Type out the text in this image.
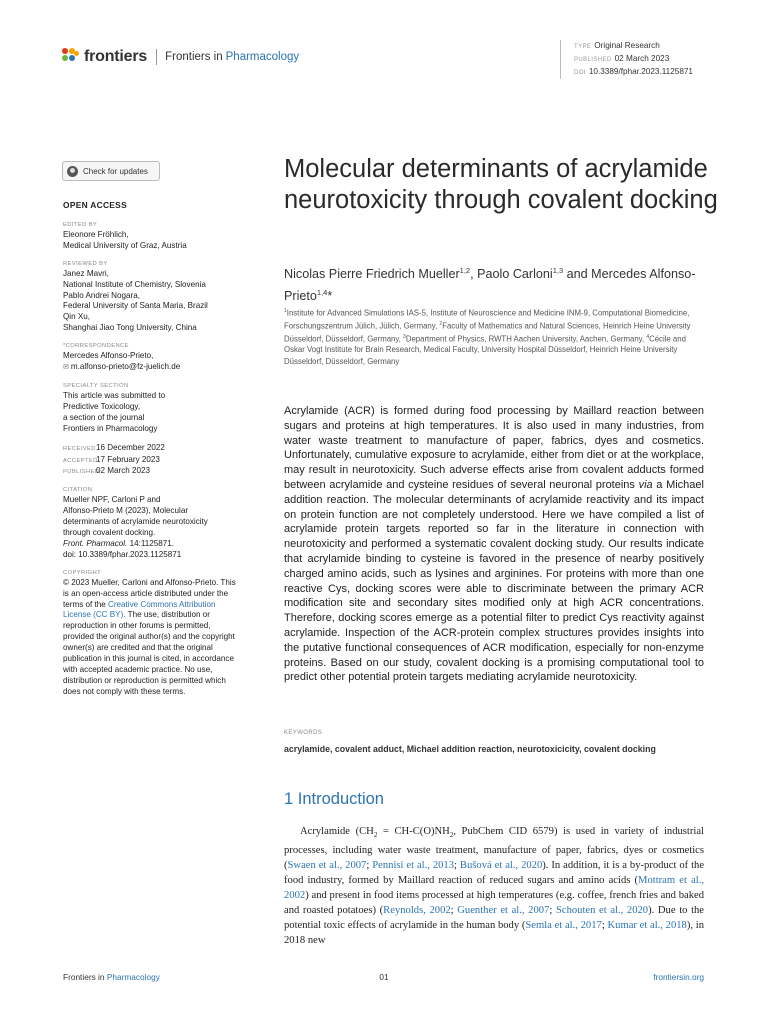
frontiers Frontiers in Pharmacology
TYPE Original Research
PUBLISHED 02 March 2023
DOI 10.3389/fphar.2023.1125871
Check for updates
OPEN ACCESS
EDITED BY
Eleonore Fröhlich,
Medical University of Graz, Austria
REVIEWED BY
Janez Mavri,
National Institute of Chemistry, Slovenia
Pablo Andrei Nogara,
Federal University of Santa Maria, Brazil
Qin Xu,
Shanghai Jiao Tong University, China
*CORRESPONDENCE
Mercedes Alfonso-Prieto,
✉ m.alfonso-prieto@fz-juelich.de
SPECIALTY SECTION
This article was submitted to
Predictive Toxicology,
a section of the journal
Frontiers in Pharmacology
RECEIVED16 December 2022
ACCEPTED17 February 2023
PUBLISHED02 March 2023
CITATION
Mueller NPF, Carloni P and
Alfonso-Prieto M (2023), Molecular
determinants of acrylamide neurotoxicity
through covalent docking.
Front. Pharmacol. 14:1125871.
doi: 10.3389/fphar.2023.1125871
COPYRIGHT
© 2023 Mueller, Carloni and Alfonso-Prieto. This is an open-access article distributed under the terms of the Creative Commons Attribution License (CC BY). The use, distribution or reproduction in other forums is permitted, provided the original author(s) and the copyright owner(s) are credited and that the original publication in this journal is cited, in accordance with accepted academic practice. No use, distribution or reproduction is permitted which does not comply with these terms.
Molecular determinants of acrylamide neurotoxicity through covalent docking
Nicolas Pierre Friedrich Mueller$^{1,2}$, Paolo Carloni$^{1,3}$ and Mercedes Alfonso-Prieto$^{1,4}$*
$^1$Institute for Advanced Simulations IAS-5, Institute of Neuroscience and Medicine INM-9, Computational Biomedicine, Forschungszentrum Jülich, Jülich, Germany, $^2$Faculty of Mathematics and Natural Sciences, Heinrich Heine University Düsseldorf, Düsseldorf, Germany, $^3$Department of Physics, RWTH Aachen University, Aachen, Germany, $^4$Cécile and Oskar Vogt Institute for Brain Research, Medical Faculty, University Hospital Düsseldorf, Heinrich Heine University Düsseldorf, Düsseldorf, Germany
Acrylamide (ACR) is formed during food processing by Maillard reaction between sugars and proteins at high temperatures. It is also used in many industries, from water waste treatment to manufacture of paper, fabrics, dyes and cosmetics. Unfortunately, cumulative exposure to acrylamide, either from diet or at the workplace, may result in neurotoxicity. Such adverse effects arise from covalent adducts formed between acrylamide and cysteine residues of several neuronal proteins via a Michael addition reaction. The molecular determinants of acrylamide reactivity and its impact on protein function are not completely understood. Here we have compiled a list of acrylamide protein targets reported so far in the literature in connection with neurotoxicity and performed a systematic covalent docking study. Our results indicate that acrylamide binding to cysteine is favored in the presence of nearby positively charged amino acids, such as lysines and arginines. For proteins with more than one reactive Cys, docking scores were able to discriminate between the primary ACR modification site and secondary sites modified only at high ACR concentrations. Therefore, docking scores emerge as a potential filter to predict Cys reactivity against acrylamide. Inspection of the ACR-protein complex structures provides insights into the putative functional consequences of ACR modification, especially for non-enzyme proteins. Based on our study, covalent docking is a promising computational tool to predict other potential protein targets mediating acrylamide neurotoxicity.
KEYWORDS
acrylamide, covalent adduct, Michael addition reaction, neurotoxicicity, covalent docking
1 Introduction
Acrylamide ($CH_2 = CH-C(O)NH_2$, PubChem CID 6579) is used in variety of industrial processes, including water waste treatment, manufacture of paper, fabrics, dyes or cosmetics (Swaen et al., 2007; Pennisi et al., 2013; Bušová et al., 2020). In addition, it is a by-product of the food industry, formed by Maillard reaction of reduced sugars and amino acids (Mottram et al., 2002) and present in food items processed at high temperatures (e.g. coffee, french fries and baked and roasted potatoes) (Reynolds, 2002; Guenther et al., 2007; Schouten et al., 2020). Due to the potential toxic effects of acrylamide in the human body (Semla et al., 2017; Kumar et al., 2018), in 2018 new
Frontiers in Pharmacology	01	frontiersin.org
